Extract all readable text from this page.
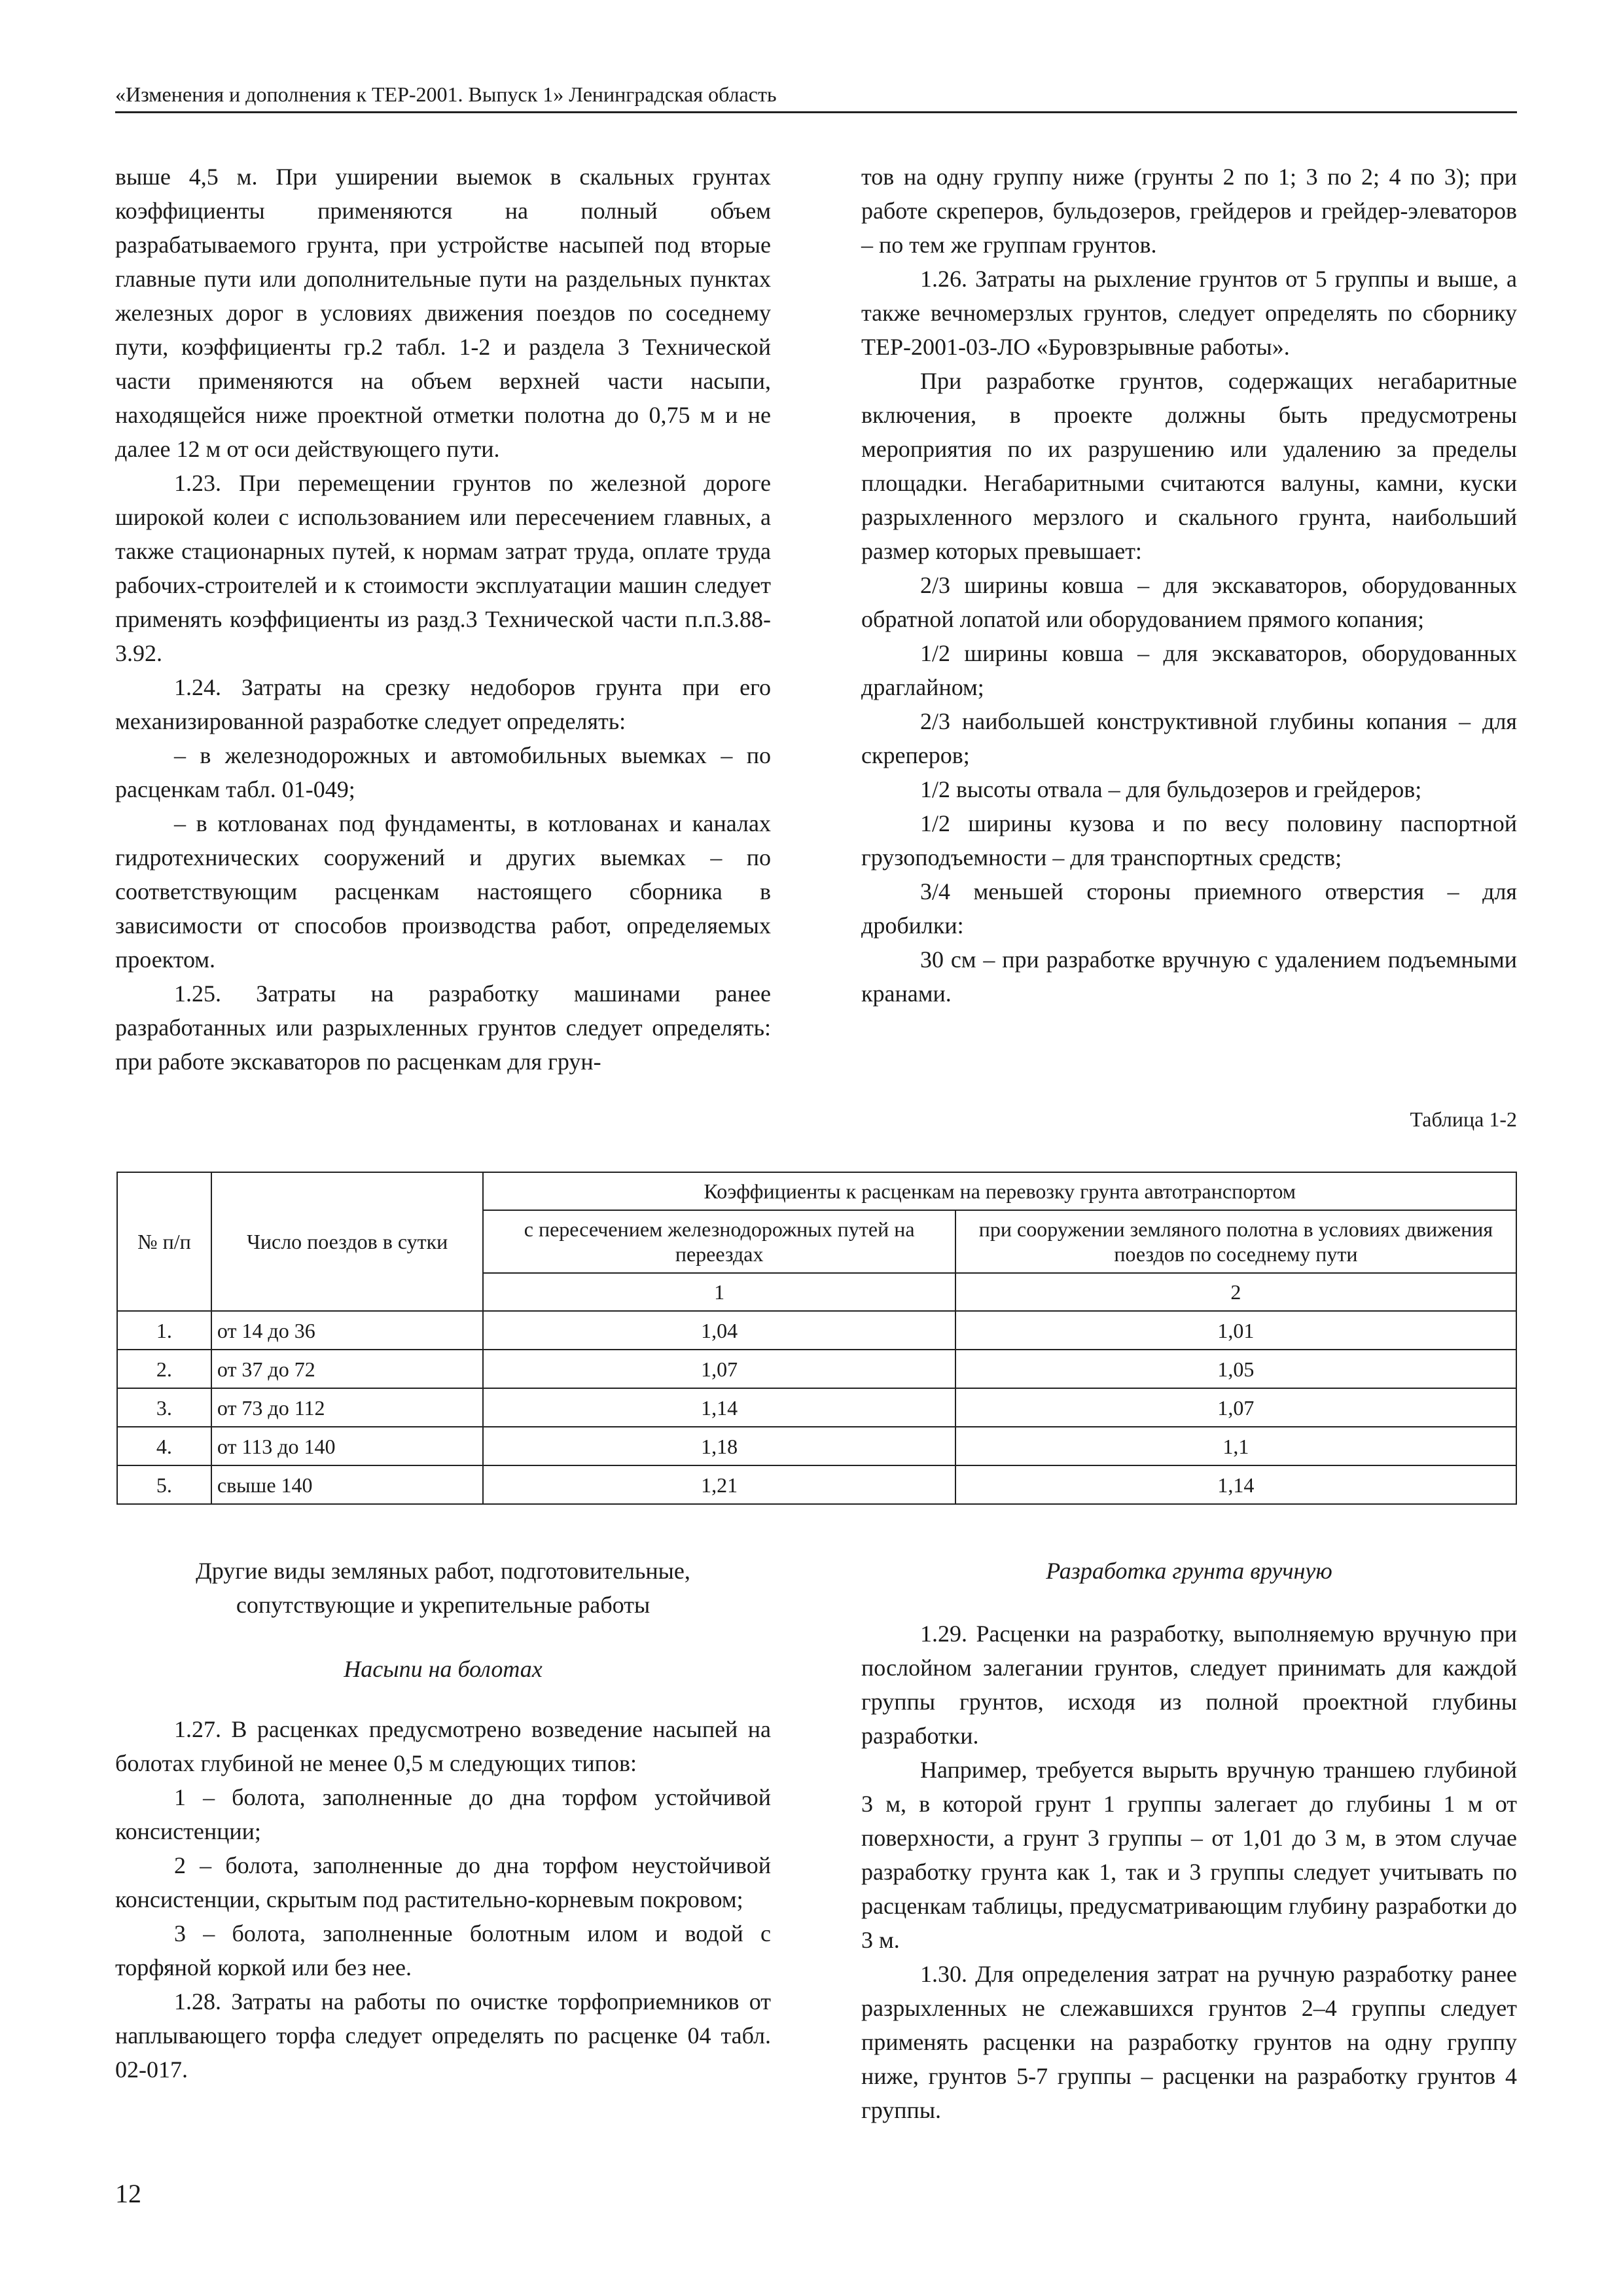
«Изменения и дополнения к ТЕР-2001. Выпуск 1» Ленинградская область

выше 4,5 м. При уширении выемок в скальных грунтах коэффициенты применяются на полный объем разрабатываемого грунта, при устройстве насыпей под вторые главные пути или дополнительные пути на раздельных пунктах железных дорог в условиях движения поездов по соседнему пути, коэффициенты гр.2 табл. 1-2 и раздела 3 Технической части применяются на объем верхней части насыпи, находящейся ниже проектной отметки полотна до 0,75 м и не далее 12 м от оси действующего пути.

1.23. При перемещении грунтов по железной дороге широкой колеи с использованием или пересечением главных, а также стационарных путей, к нормам затрат труда, оплате труда рабочих-строителей и к стоимости эксплуатации машин следует применять коэффициенты из разд.3 Технической части п.п.3.88-3.92.

1.24. Затраты на срезку недоборов грунта при его механизированной разработке следует определять:

– в железнодорожных и автомобильных выемках – по расценкам табл. 01-049;

– в котлованах под фундаменты, в котлованах и каналах гидротехнических сооружений и других выемках – по соответствующим расценкам настоящего сборника в зависимости от способов производства работ, определяемых проектом.

1.25. Затраты на разработку машинами ранее разработанных или разрыхленных грунтов следует определять: при работе экскаваторов по расценкам для грун-

тов на одну группу ниже (грунты 2 по 1; 3 по 2; 4 по 3); при работе скреперов, бульдозеров, грейдеров и грейдер-элеваторов – по тем же группам грунтов.

1.26. Затраты на рыхление грунтов от 5 группы и выше, а также вечномерзлых грунтов, следует определять по сборнику ТЕР-2001-03-ЛО «Буровзрывные работы».

При разработке грунтов, содержащих негабаритные включения, в проекте должны быть предусмотрены мероприятия по их разрушению или удалению за пределы площадки. Негабаритными считаются валуны, камни, куски разрыхленного мерзлого и скального грунта, наибольший размер которых превышает:

2/3 ширины ковша – для экскаваторов, оборудованных обратной лопатой или оборудованием прямого копания;

1/2 ширины ковша – для экскаваторов, оборудованных драглайном;

2/3 наибольшей конструктивной глубины копания – для скреперов;

1/2 высоты отвала – для бульдозеров и грейдеров;

1/2 ширины кузова и по весу половину паспортной грузоподъемности – для транспортных средств;

3/4 меньшей стороны приемного отверстия – для дробилки:

30 см – при разработке вручную с удалением подъемными кранами.

Таблица 1-2
№ п/п	Число поездов в сутки	Коэффициенты к расценкам на перевозку грунта автотранспортом	
		с пересечением железнодорожных путей на переездах	при сооружении земляного полотна в условиях движения поездов по соседнему пути
		1	2
1.	от 14 до 36	1,04	1,01
2.	от 37 до 72	1,07	1,05
3.	от 73 до 112	1,14	1,07
4.	от 113 до 140	1,18	1,1
5.	свыше 140	1,21	1,14
Другие виды земляных работ, подготовительные, сопутствующие и укрепительные работы
Насыпи на болотах
Разработка грунта вручную

1.27. В расценках предусмотрено возведение насыпей на болотах глубиной не менее 0,5 м следующих типов:

1 – болота, заполненные до дна торфом устойчивой консистенции;

2 – болота, заполненные до дна торфом неустойчивой консистенции, скрытым под растительно-корневым покровом;

3 – болота, заполненные болотным илом и водой с торфяной коркой или без нее.

1.28. Затраты на работы по очистке торфоприемников от наплывающего торфа следует определять по расценке 04 табл. 02-017.

1.29. Расценки на разработку, выполняемую вручную при послойном залегании грунтов, следует принимать для каждой группы грунтов, исходя из полной проектной глубины разработки.

Например, требуется вырыть вручную траншею глубиной 3 м, в которой грунт 1 группы залегает до глубины 1 м от поверхности, а грунт 3 группы – от 1,01 до 3 м, в этом случае разработку грунта как 1, так и 3 группы следует учитывать по расценкам таблицы, предусматривающим глубину разработки до 3 м.

1.30. Для определения затрат на ручную разработку ранее разрыхленных не слежавшихся грунтов 2–4 группы следует применять расценки на разработку грунтов на одну группу ниже, грунтов 5-7 группы – расценки на разработку грунтов 4 группы.

12
